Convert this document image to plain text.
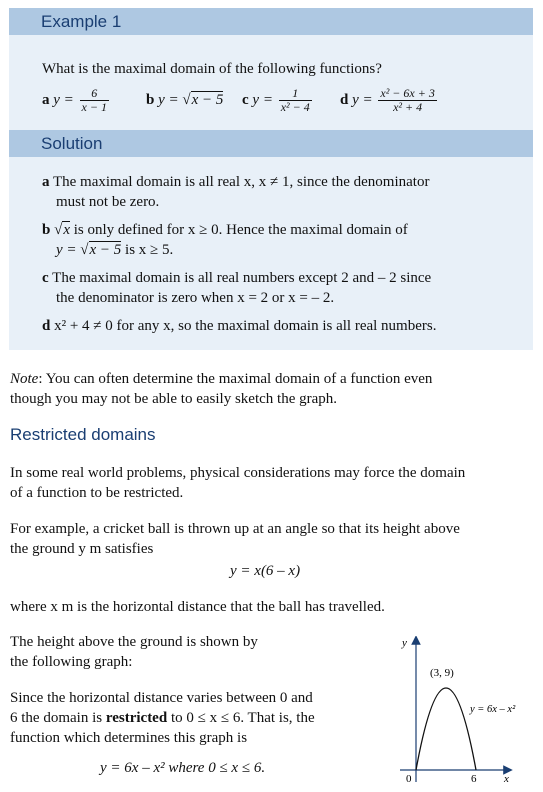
Example 1
What is the maximal domain of the following functions?
a $y = \frac{6}{x - 1}$ b y = √x − 5 c $y = \frac{1}{\text{x² − 4}}$ d $y = \frac{\text{x² − 6x + 3}}{\text{x² + 4}}$
Solution
a The maximal domain is all real x, x ≠ 1, since the denominator
must not be zero.
b √x is only defined for x ≥ 0. Hence the maximal domain of
y = √x − 5 is x ≥ 5.
c The maximal domain is all real numbers except 2 and – 2 since
the denominator is zero when x = 2 or x = – 2.
d x² + 4 ≠ 0 for any x, so the maximal domain is all real numbers.
Note: You can often determine the maximal domain of a function even
though you may not be able to easily sketch the graph.
Restricted domains
In some real world problems, physical considerations may force the domain
of a function to be restricted.
For example, a cricket ball is thrown up at an angle so that its height above
the ground y m satisfies
y = x(6 – x)
where x m is the horizontal distance that the ball has travelled.
The height above the ground is shown by
the following graph:
Since the horizontal distance varies between 0 and
6 the domain is restricted to 0 ≤ x ≤ 6. That is, the
function which determines this graph is
y = 6x – x² where 0 ≤ x ≤ 6.
y
x
0	6
(3, 9)
y = 6x – x²
